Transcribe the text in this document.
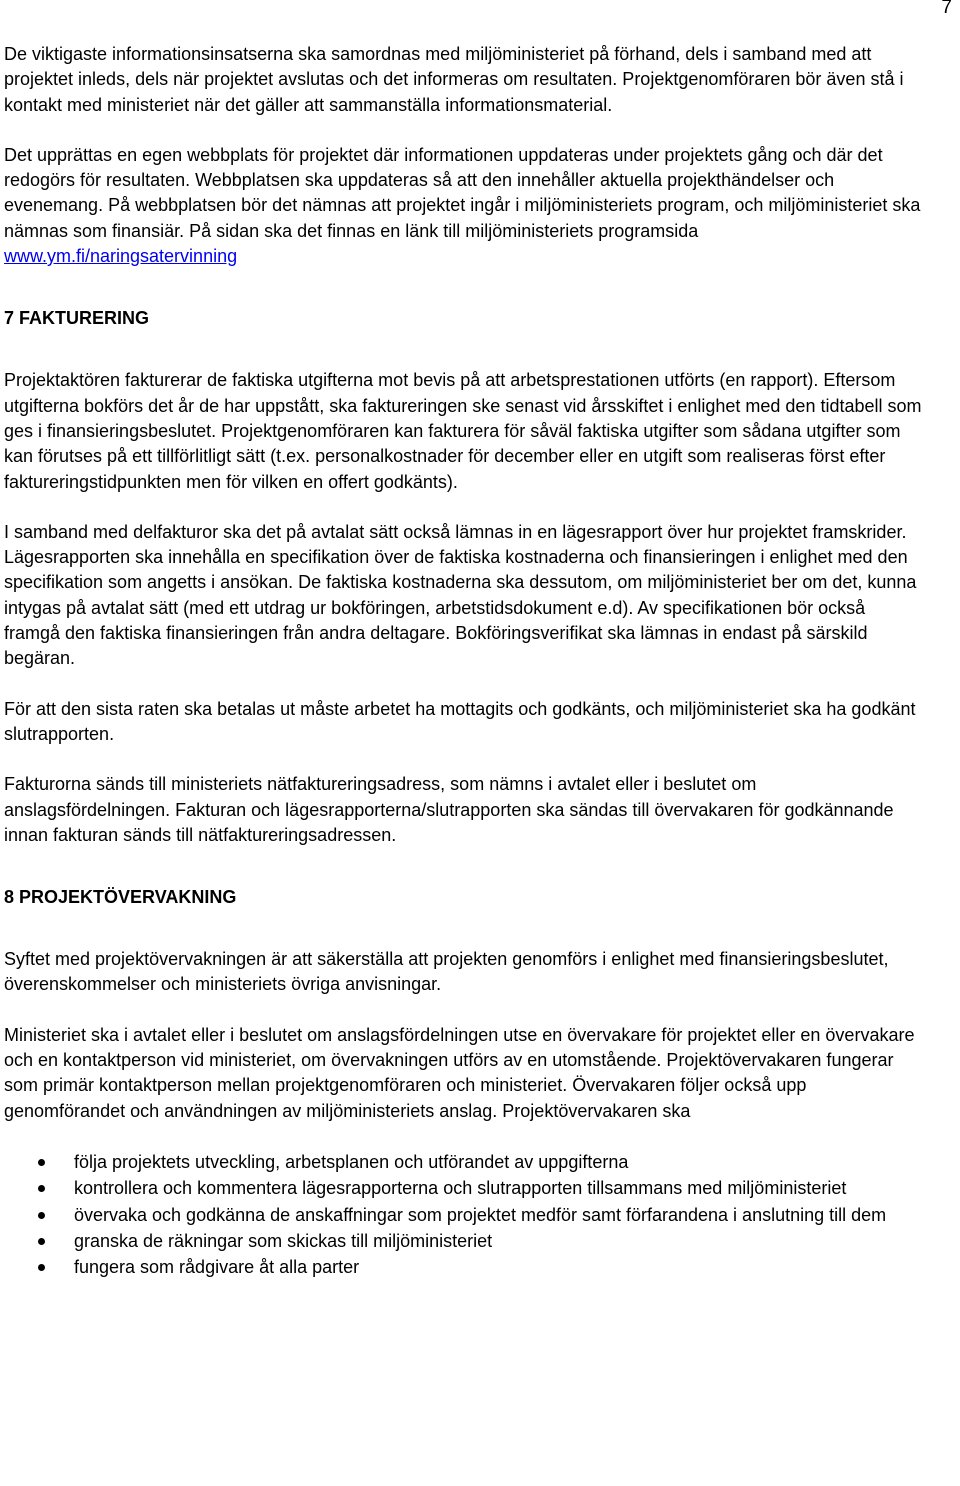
7

De viktigaste informationsinsatserna ska samordnas med miljöministeriet på förhand, dels i samband med att projektet inleds, dels när projektet avslutas och det informeras om resultaten. Projektgenomföraren bör även stå i kontakt med ministeriet när det gäller att sammanställa informationsmaterial.

Det upprättas en egen webbplats för projektet där informationen uppdateras under projektets gång och där det redogörs för resultaten. Webbplatsen ska uppdateras så att den innehåller aktuella projekthändelser och evenemang. På webbplatsen bör det nämnas att projektet ingår i miljöministeriets program, och miljöministeriet ska nämnas som finansiär. På sidan ska det finnas en länk till miljöministeriets programsida www.ym.fi/naringsatervinning

7 FAKTURERING

Projektaktören fakturerar de faktiska utgifterna mot bevis på att arbetsprestationen utförts (en rapport). Eftersom utgifterna bokförs det år de har uppstått, ska faktureringen ske senast vid årsskiftet i enlighet med den tidtabell som ges i finansieringsbeslutet. Projektgenomföraren kan fakturera för såväl faktiska utgifter som sådana utgifter som kan förutses på ett tillförlitligt sätt (t.ex. personalkostnader för december eller en utgift som realiseras först efter faktureringstidpunkten men för vilken en offert godkänts).

I samband med delfakturor ska det på avtalat sätt också lämnas in en lägesrapport över hur projektet framskrider. Lägesrapporten ska innehålla en specifikation över de faktiska kostnaderna och finansieringen i enlighet med den specifikation som angetts i ansökan. De faktiska kostnaderna ska dessutom, om miljöministeriet ber om det, kunna intygas på avtalat sätt (med ett utdrag ur bokföringen, arbetstidsdokument e.d). Av specifikationen bör också framgå den faktiska finansieringen från andra deltagare. Bokföringsverifikat ska lämnas in endast på särskild begäran.

För att den sista raten ska betalas ut måste arbetet ha mottagits och godkänts, och miljöministeriet ska ha godkänt slutrapporten.

Fakturorna sänds till ministeriets nätfaktureringsadress, som nämns i avtalet eller i beslutet om anslagsfördelningen. Fakturan och lägesrapporterna/slutrapporten ska sändas till övervakaren för godkännande innan fakturan sänds till nätfaktureringsadressen.

8 PROJEKTÖVERVAKNING

Syftet med projektövervakningen är att säkerställa att projekten genomförs i enlighet med finansieringsbeslutet, överenskommelser och ministeriets övriga anvisningar.

Ministeriet ska i avtalet eller i beslutet om anslagsfördelningen utse en övervakare för projektet eller en övervakare och en kontaktperson vid ministeriet, om övervakningen utförs av en utomstående. Projektövervakaren fungerar som primär kontaktperson mellan projektgenomföraren och ministeriet. Övervakaren följer också upp genomförandet och användningen av miljöministeriets anslag. Projektövervakaren ska

följa projektets utveckling, arbetsplanen och utförandet av uppgifterna
kontrollera och kommentera lägesrapporterna och slutrapporten tillsammans med miljöministeriet
övervaka och godkänna de anskaffningar som projektet medför samt förfarandena i anslutning till dem
granska de räkningar som skickas till miljöministeriet
fungera som rådgivare åt alla parter
